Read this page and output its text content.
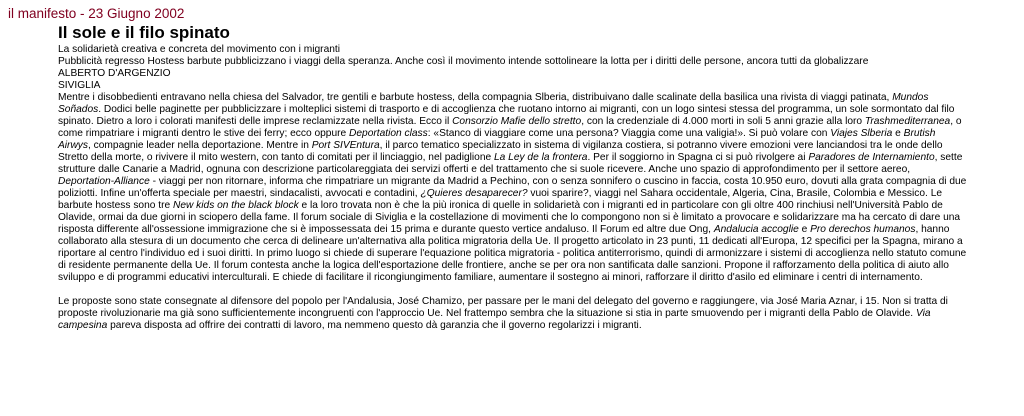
il manifesto - 23 Giugno 2002
Il sole e il filo spinato

La solidarietà creativa e concreta del movimento con i migranti

Pubblicità regresso Hostess barbute pubblicizzano i viaggi della speranza. Anche così il movimento intende sottolineare la lotta per i diritti delle persone, ancora tutti da globalizzare

ALBERTO D'ARGENZIO

SIVIGLIA

Mentre i disobbedienti entravano nella chiesa del Salvador, tre gentili e barbute hostess, della compagnia Slberia, distribuivano dalle scalinate della basilica una rivista di viaggi patinata, Mundos Soñados. Dodici belle paginette per pubblicizzare i molteplici sistemi di trasporto e di accoglienza che ruotano intorno ai migranti, con un logo sintesi stessa del programma, un sole sormontato dal filo spinato. Dietro a loro i colorati manifesti delle imprese reclamizzate nella rivista. Ecco il Consorzio Mafie dello stretto, con la credenziale di 4.000 morti in soli 5 anni grazie alla loro Trashmediterranea, o come rimpatriare i migranti dentro le stive dei ferry; ecco oppure Deportation class: «Stanco di viaggiare come una persona? Viaggia come una valigia!». Si può volare con Viajes Slberia e Brutish Airwys, compagnie leader nella deportazione. Mentre in Port SIVEntura, il parco tematico specializzato in sistema di vigilanza costiera, si potranno vivere emozioni vere lanciandosi tra le onde dello Stretto della morte, o rivivere il mito western, con tanto di comitati per il linciaggio, nel padiglione La Ley de la frontera. Per il soggiorno in Spagna ci si può rivolgere ai Paradores de Internamiento, sette strutture dalle Canarie a Madrid, ognuna con descrizione particolareggiata dei servizi offerti e del trattamento che si suole ricevere. Anche uno spazio di approfondimento per il settore aereo, Deportation-Alliance - viaggi per non ritornare, informa che rimpatriare un migrante da Madrid a Pechino, con o senza sonnifero o cuscino in faccia, costa 10.950 euro, dovuti alla grata compagnia di due poliziotti. Infine un'offerta speciale per maestri, sindacalisti, avvocati e contadini, ¿Quieres desaparecer? vuoi sparire?, viaggi nel Sahara occidentale, Algeria, Cina, Brasile, Colombia e Messico. Le barbute hostess sono tre New kids on the black block e la loro trovata non è che la più ironica di quelle in solidarietà con i migranti ed in particolare con gli oltre 400 rinchiusi nell'Università Pablo de Olavide, ormai da due giorni in sciopero della fame. Il forum sociale di Siviglia e la costellazione di movimenti che lo compongono non si è limitato a provocare e solidarizzare ma ha cercato di dare una risposta differente all'ossessione immigrazione che si è impossessata dei 15 prima e durante questo vertice andaluso. Il Forum ed altre due Ong, Andalucia accoglie e Pro derechos humanos, hanno collaborato alla stesura di un documento che cerca di delineare un'alternativa alla politica migratoria della Ue. Il progetto articolato in 23 punti, 11 dedicati all'Europa, 12 specifici per la Spagna, mirano a riportare al centro l'individuo ed i suoi diritti. In primo luogo si chiede di superare l'equazione politica migratoria - politica antiterrorismo, quindi di armonizzare i sistemi di accoglienza nello statuto comune di residente permanente della Ue. Il forum contesta anche la logica dell'esportazione delle frontiere, anche se per ora non santificata dalle sanzioni. Propone il rafforzamento della politica di aiuto allo sviluppo e di programmi educativi interculturali. E chiede di facilitare il ricongiungimento familiare, aumentare il sostegno ai minori, rafforzare il diritto d'asilo ed eliminare i centri di internamento.

Le proposte sono state consegnate al difensore del popolo per l'Andalusia, José Chamizo, per passare per le mani del delegato del governo e raggiungere, via José Maria Aznar, i 15. Non si tratta di proposte rivoluzionarie ma già sono sufficientemente incongruenti con l'approccio Ue. Nel frattempo sembra che la situazione si stia in parte smuovendo per i migranti della Pablo de Olavide. Via campesina pareva disposta ad offrire dei contratti di lavoro, ma nemmeno questo dà garanzia che il governo regolarizzi i migranti.
